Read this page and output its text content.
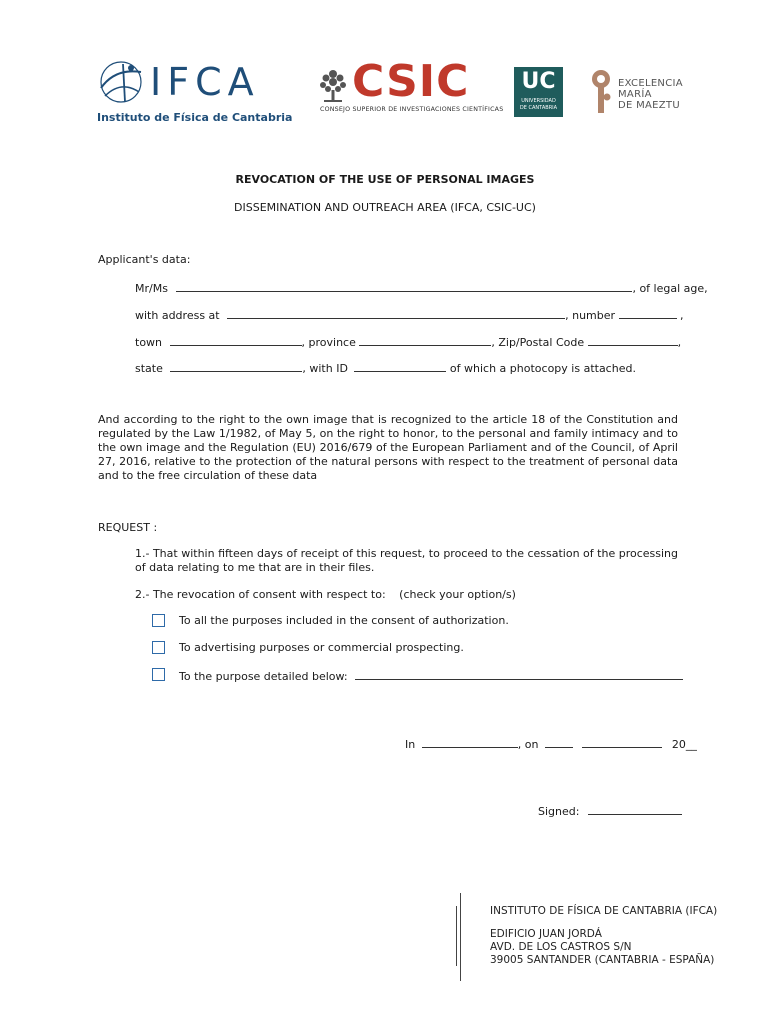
IFCA
Instituto de Física de Cantabria
CSIC
CONSEJO SUPERIOR DE INVESTIGACIONES CIENTÍFICAS
UC
UNIVERSIDAD
DE CANTABRIA
EXCELENCIA
MARÍA
DE MAEZTU
REVOCATION OF THE USE OF PERSONAL IMAGES
DISSEMINATION AND OUTREACH AREA (IFCA, CSIC-UC)
Applicant's data:
Mr/Ms	, of legal age,
with address at	, number	,
town	, province	, Zip/Postal Code	,
state	, with ID	of which a photocopy is attached.
And according to the right to the own image that is recognized to the article 18 of the Constitution and regulated by the Law 1/1982, of May 5, on the right to honor, to the personal and family intimacy and to the own image and the Regulation (EU) 2016/679 of the European Parliament and of the Council, of April 27, 2016, relative to the protection of the natural persons with respect to the treatment of personal data and to the free circulation of these data
REQUEST :
1.- That within fifteen days of receipt of this request, to proceed to the cessation of the processing of data relating to me that are in their files.
2.- The revocation of consent with respect to: (check your option/s)
To all the purposes included in the consent of authorization.
To advertising purposes or commercial prospecting.
To the purpose detailed below:
In	, on	20__
Signed:
INSTITUTO DE FÍSICA DE CANTABRIA (IFCA)
EDIFICIO JUAN JORDÁ
AVD. DE LOS CASTROS S/N
39005 SANTANDER (CANTABRIA - ESPAÑA)
